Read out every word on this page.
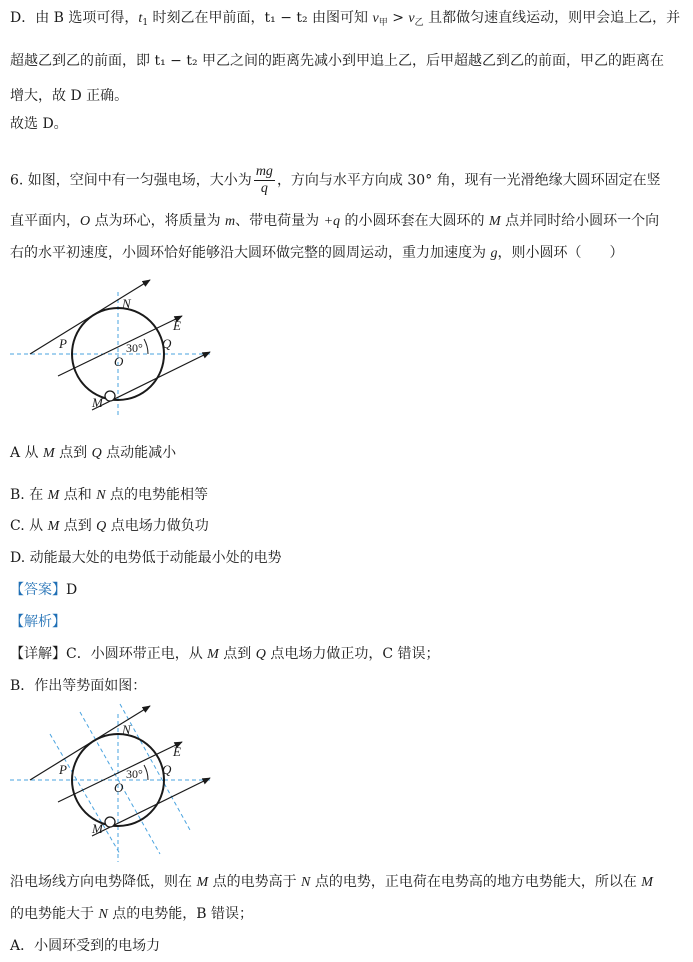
D．由 B 选项可得，$t_1$ 时刻乙在甲前面，t₁ − t₂ 由图可知 $v_甲 > v_乙$ 且都做匀速直线运动，则甲会追上乙，并
超越乙到乙的前面，即 t₁ − t₂ 甲乙之间的距离先减小到甲追上乙，后甲超越乙到乙的前面，甲乙的距离在
增大，故 D 正确。
故选 D。
6. 如图，空间中有一匀强电场，大小为 $\frac{mg}{q}$ ，方向与水平方向成 30° 角，现有一光滑绝缘大圆环固定在竖
直平面内，O 点为环心，将质量为 m、带电荷量为 +q 的小圆环套在大圆环的 M 点并同时给小圆环一个向
右的水平初速度，小圆环恰好能够沿大圆环做完整的圆周运动，重力加速度为 g，则小圆环（　　）
N
E
P	Q
O
M
30°
A 从 M 点到 Q 点动能减小
B. 在 M 点和 N 点的电势能相等
C. 从 M 点到 Q 点电场力做负功
D. 动能最大处的电势低于动能最小处的电势
【答案】D
【解析】
【详解】C．小圆环带正电，从 M 点到 Q 点电场力做正功，C 错误；
B．作出等势面如图：
N
E
P	Q
O
M
30°
沿电场线方向电势降低，则在 M 点的电势高于 N 点的电势，正电荷在电势高的地方电势能大，所以在 M
的电势能大于 N 点的电势能，B 错误；
A．小圆环受到的电场力
